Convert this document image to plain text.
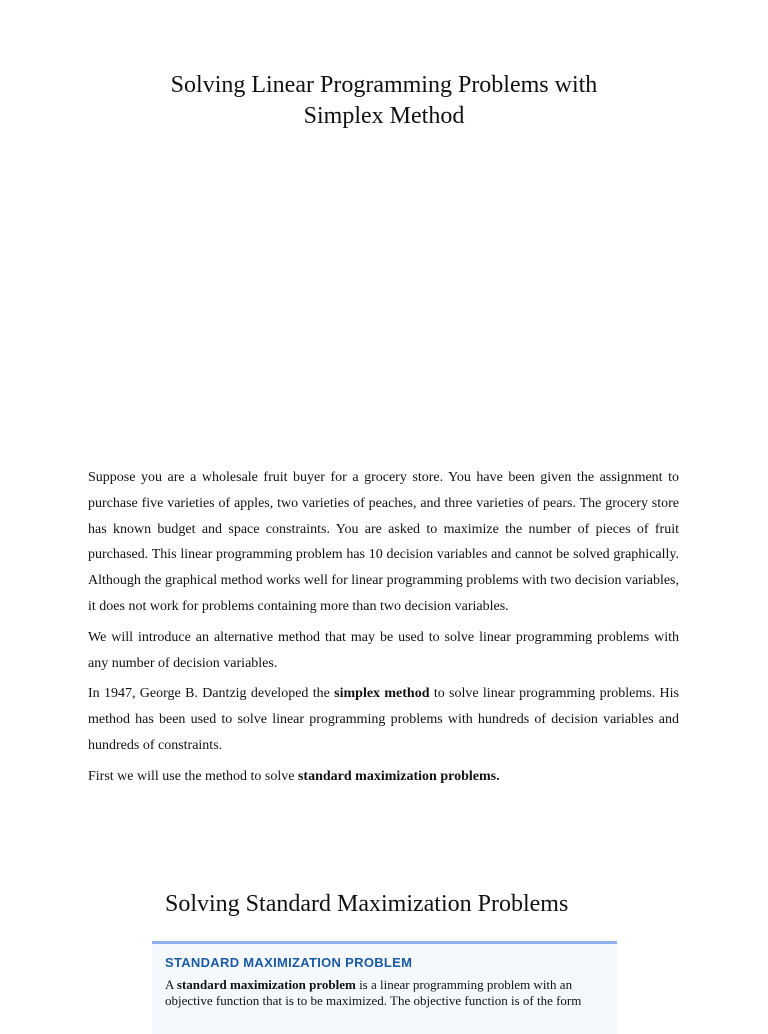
Solving Linear Programming Problems with
Simplex Method

Suppose you are a wholesale fruit buyer for a grocery store. You have been given the assignment to purchase five varieties of apples, two varieties of peaches, and three varieties of pears. The grocery store has known budget and space constraints. You are asked to maximize the number of pieces of fruit purchased. This linear programming problem has 10 decision variables and cannot be solved graphically. Although the graphical method works well for linear programming problems with two decision variables, it does not work for problems containing more than two decision variables.

We will introduce an alternative method that may be used to solve linear programming problems with any number of decision variables.

In 1947, George B. Dantzig developed the simplex method to solve linear programming problems. His method has been used to solve linear programming problems with hundreds of decision variables and hundreds of constraints.

First we will use the method to solve standard maximization problems.

Solving Standard Maximization Problems
STANDARD MAXIMIZATION PROBLEM
A standard maximization problem is a linear programming problem with an objective function that is to be maximized. The objective function is of the form
